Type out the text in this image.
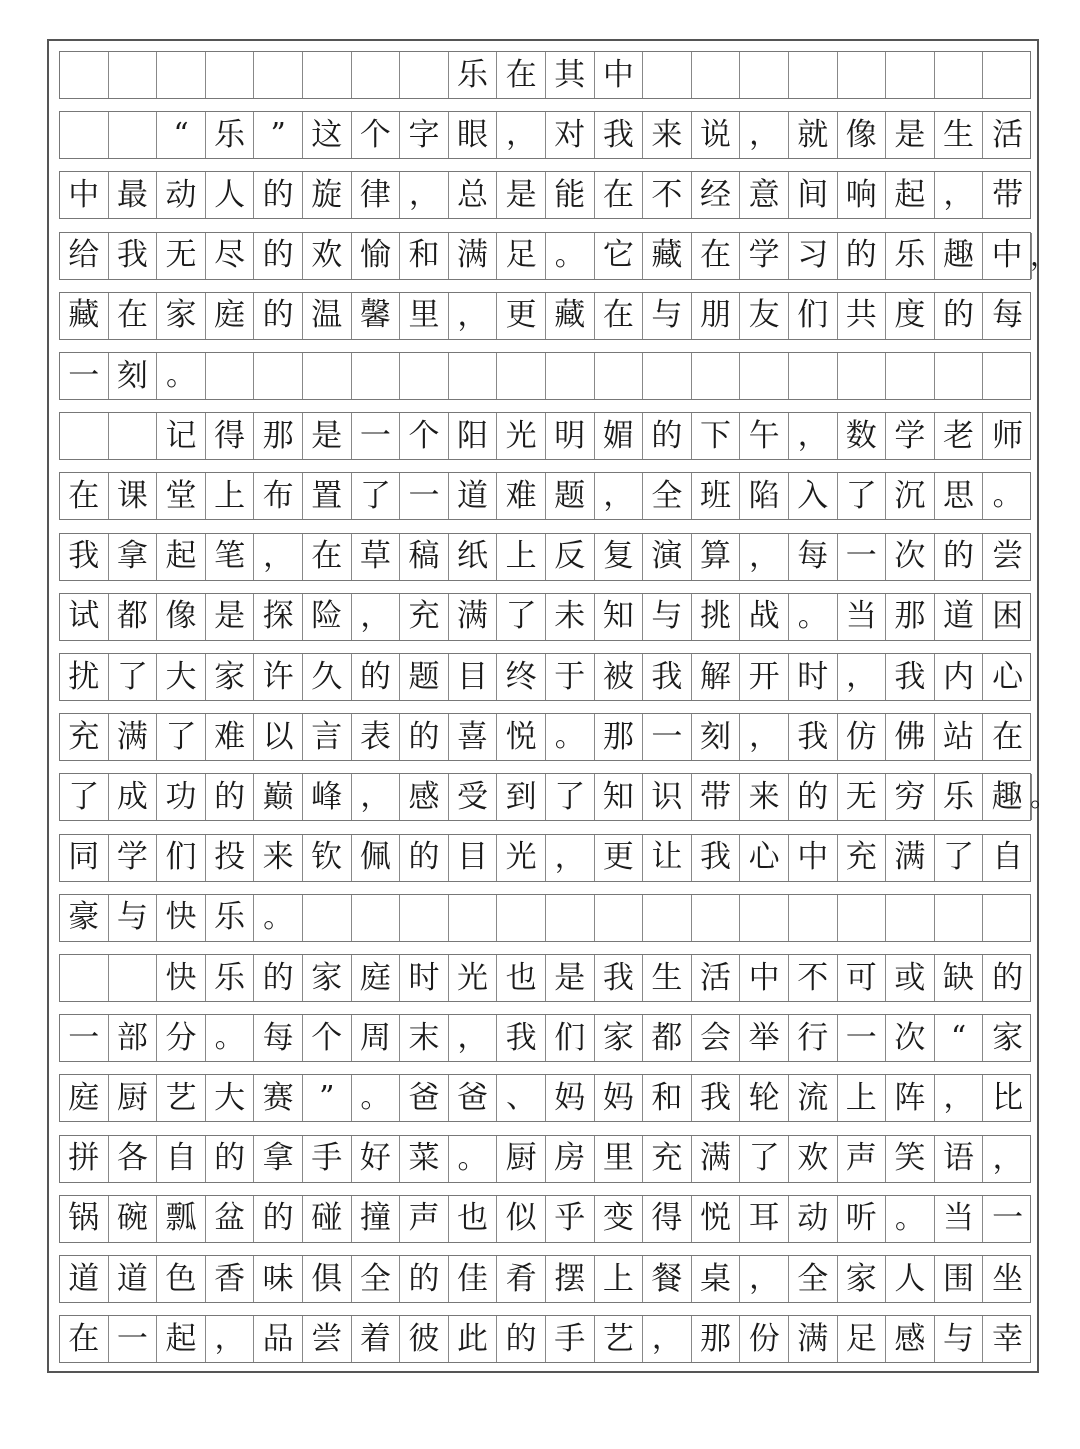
乐 在 其 中
“ 乐 ” 这 个 字 眼 ， 对 我 来 说 ， 就 像 是 生 活
中 最 动 人 的 旋 律 ， 总 是 能 在 不 经 意 间 响 起 ， 带
给 我 无 尽 的 欢 愉 和 满 足 。 它 藏 在 学 习 的 乐 趣 中 ，
藏 在 家 庭 的 温 馨 里 ， 更 藏 在 与 朋 友 们 共 度 的 每
一 刻 。
记 得 那 是 一 个 阳 光 明 媚 的 下 午 ， 数 学 老 师
在 课 堂 上 布 置 了 一 道 难 题 ， 全 班 陷 入 了 沉 思 。
我 拿 起 笔 ， 在 草 稿 纸 上 反 复 演 算 ， 每 一 次 的 尝
试 都 像 是 探 险 ， 充 满 了 未 知 与 挑 战 。 当 那 道 困
扰 了 大 家 许 久 的 题 目 终 于 被 我 解 开 时 ， 我 内 心
充 满 了 难 以 言 表 的 喜 悦 。 那 一 刻 ， 我 仿 佛 站 在
了 成 功 的 巅 峰 ， 感 受 到 了 知 识 带 来 的 无 穷 乐 趣 。
同 学 们 投 来 钦 佩 的 目 光 ， 更 让 我 心 中 充 满 了 自
豪 与 快 乐 。
快 乐 的 家 庭 时 光 也 是 我 生 活 中 不 可 或 缺 的
一 部 分 。 每 个 周 末 ， 我 们 家 都 会 举 行 一 次 “ 家
庭 厨 艺 大 赛 ” 。 爸 爸 、 妈 妈 和 我 轮 流 上 阵 ， 比
拼 各 自 的 拿 手 好 菜 。 厨 房 里 充 满 了 欢 声 笑 语 ，
锅 碗 瓢 盆 的 碰 撞 声 也 似 乎 变 得 悦 耳 动 听 。 当 一
道 道 色 香 味 俱 全 的 佳 肴 摆 上 餐 桌 ， 全 家 人 围 坐
在 一 起 ， 品 尝 着 彼 此 的 手 艺 ， 那 份 满 足 感 与 幸
